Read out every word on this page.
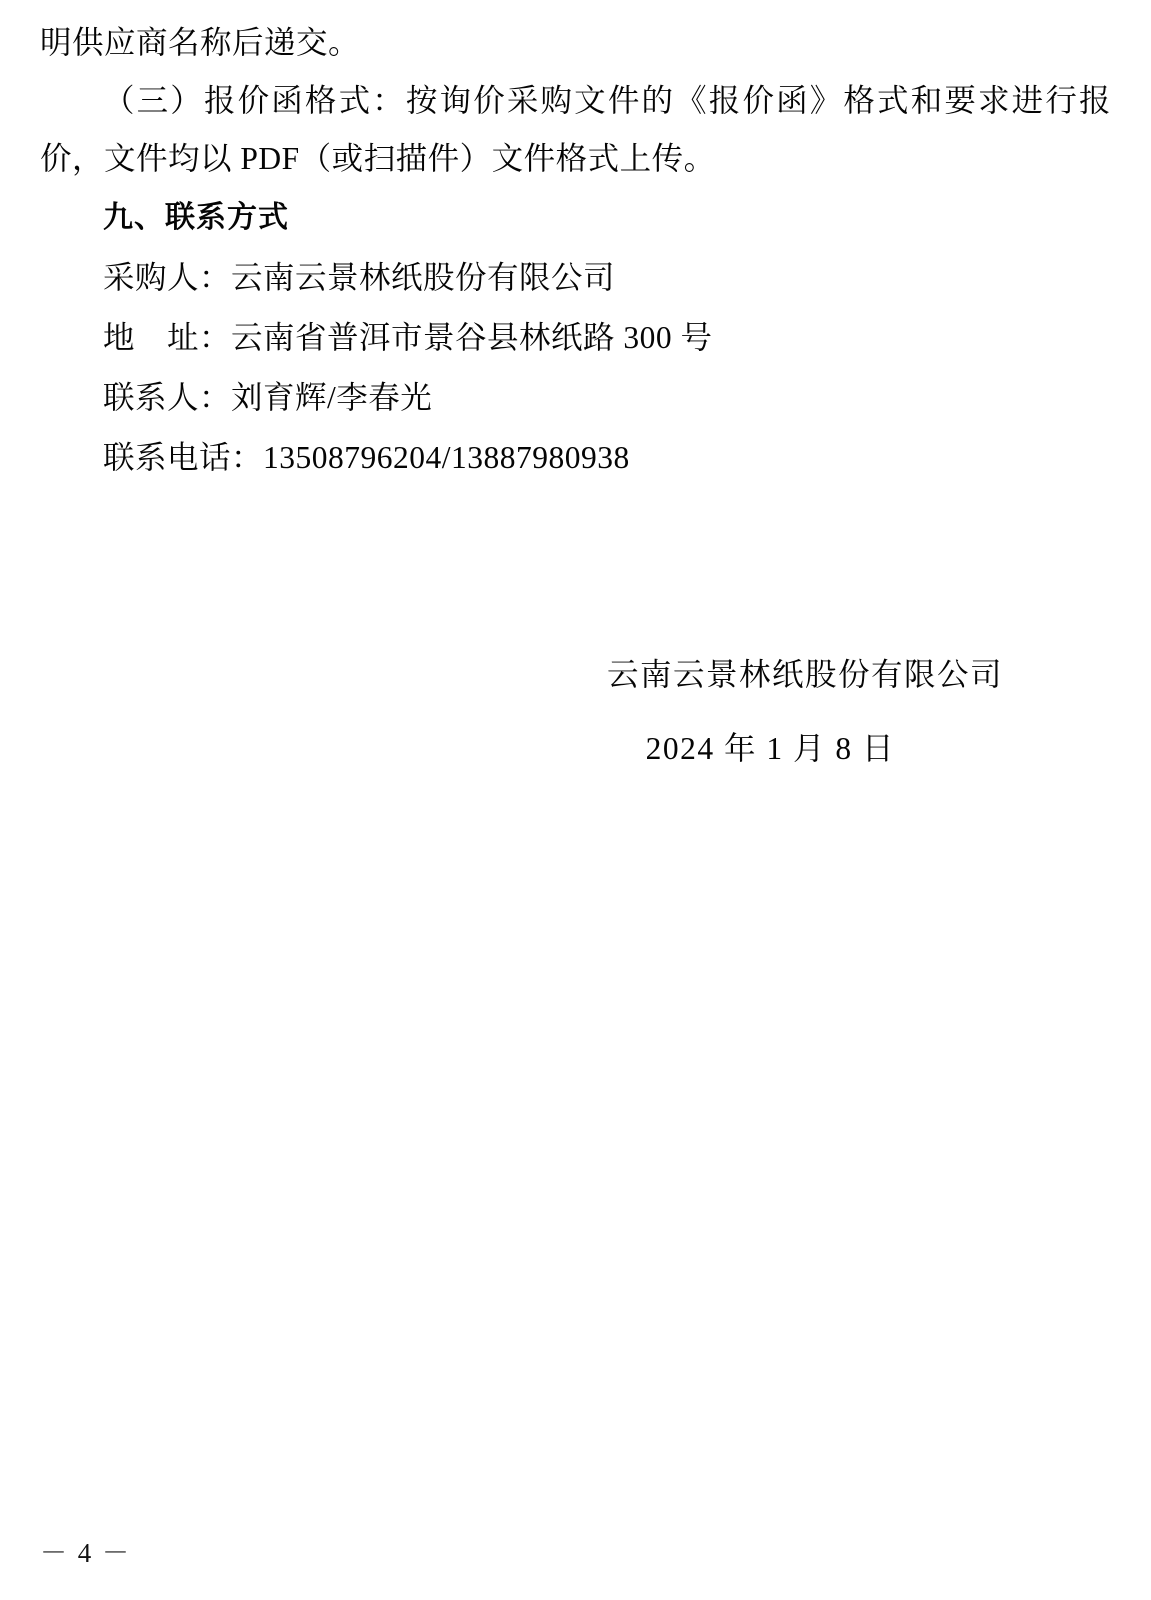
明供应商名称后递交。

（三）报价函格式：按询价采购文件的《报价函》格式和要求进行报价，文件均以 PDF（或扫描件）文件格式上传。

九、联系方式

采购人：云南云景林纸股份有限公司

地　址：云南省普洱市景谷县林纸路 300 号

联系人：刘育辉/李春光

联系电话：13508796204/13887980938

云南云景林纸股份有限公司

2024 年 1 月 8 日

－ 4 －
